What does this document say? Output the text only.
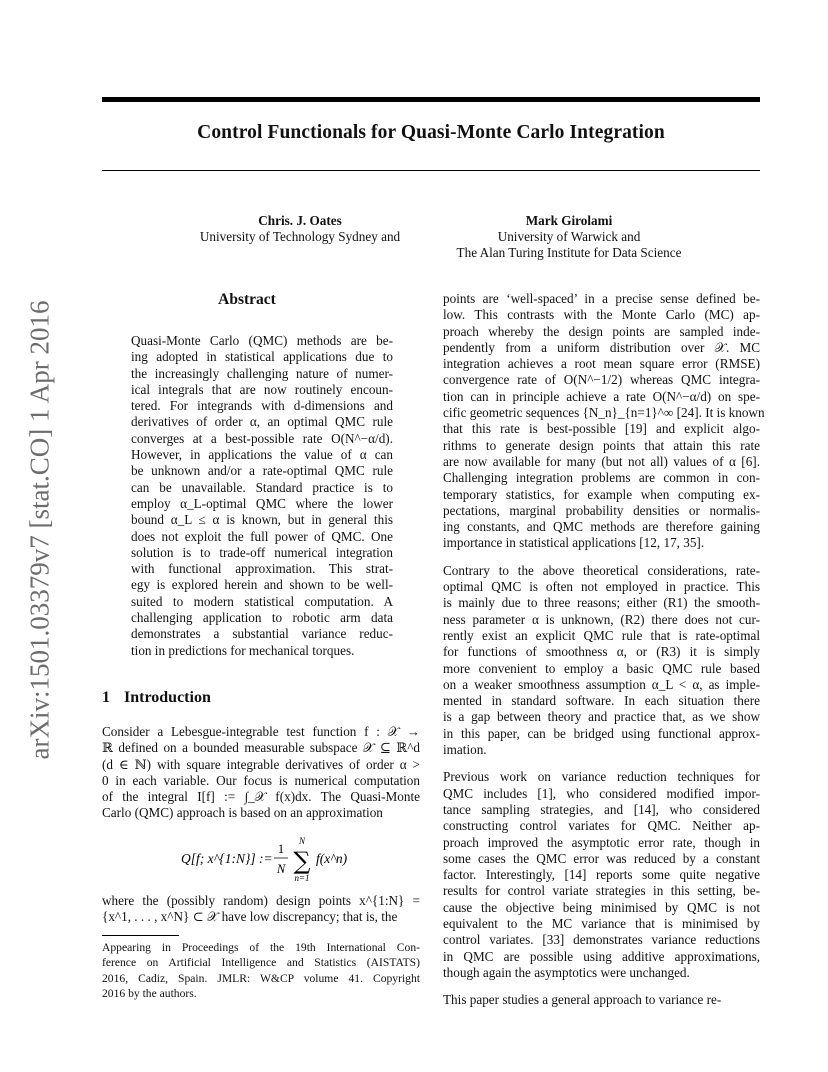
Control Functionals for Quasi-Monte Carlo Integration
arXiv:1501.03379v7 [stat.CO] 1 Apr 2016
Chris. J. Oates
University of Technology Sydney and
Mark Girolami
University of Warwick and
The Alan Turing Institute for Data Science
Abstract
Quasi-Monte Carlo (QMC) methods are be-
ing adopted in statistical applications due to
the increasingly challenging nature of numer-
ical integrals that are now routinely encoun-
tered. For integrands with d-dimensions and
derivatives of order α, an optimal QMC rule
converges at a best-possible rate O(N^−α/d).
However, in applications the value of α can
be unknown and/or a rate-optimal QMC rule
can be unavailable. Standard practice is to
employ α_L-optimal QMC where the lower
bound α_L ≤ α is known, but in general this
does not exploit the full power of QMC. One
solution is to trade-off numerical integration
with functional approximation. This strat-
egy is explored herein and shown to be well-
suited to modern statistical computation. A
challenging application to robotic arm data
demonstrates a substantial variance reduc-
tion in predictions for mechanical torques.
1 Introduction
Consider a Lebesgue-integrable test function f : 𝒳 →
ℝ defined on a bounded measurable subspace 𝒳 ⊆ ℝ^d
(d ∈ ℕ) with square integrable derivatives of order α >
0 in each variable. Our focus is numerical computation
of the integral I[f] := ∫_𝒳 f(x)dx. The Quasi-Monte
Carlo (QMC) approach is based on an approximation
Q[f; x^{1:N}] :=
1
N
N
∑
n=1
f(x^n)
where the (possibly random) design points x^{1:N} =
{x^1, . . . , x^N} ⊂ 𝒳 have low discrepancy; that is, the
Appearing in Proceedings of the 19th International Con-
ference on Artificial Intelligence and Statistics (AISTATS)
2016, Cadiz, Spain. JMLR: W&CP volume 41. Copyright
2016 by the authors.
points are ‘well-spaced’ in a precise sense defined be-
low. This contrasts with the Monte Carlo (MC) ap-
proach whereby the design points are sampled inde-
pendently from a uniform distribution over 𝒳. MC
integration achieves a root mean square error (RMSE)
convergence rate of O(N^−1/2) whereas QMC integra-
tion can in principle achieve a rate O(N^−α/d) on spe-
cific geometric sequences {N_n}_{n=1}^∞ [24]. It is known
that this rate is best-possible [19] and explicit algo-
rithms to generate design points that attain this rate
are now available for many (but not all) values of α [6].
Challenging integration problems are common in con-
temporary statistics, for example when computing ex-
pectations, marginal probability densities or normalis-
ing constants, and QMC methods are therefore gaining
importance in statistical applications [12, 17, 35].
Contrary to the above theoretical considerations, rate-
optimal QMC is often not employed in practice. This
is mainly due to three reasons; either (R1) the smooth-
ness parameter α is unknown, (R2) there does not cur-
rently exist an explicit QMC rule that is rate-optimal
for functions of smoothness α, or (R3) it is simply
more convenient to employ a basic QMC rule based
on a weaker smoothness assumption α_L < α, as imple-
mented in standard software. In each situation there
is a gap between theory and practice that, as we show
in this paper, can be bridged using functional approx-
imation.
Previous work on variance reduction techniques for
QMC includes [1], who considered modified impor-
tance sampling strategies, and [14], who considered
constructing control variates for QMC. Neither ap-
proach improved the asymptotic error rate, though in
some cases the QMC error was reduced by a constant
factor. Interestingly, [14] reports some quite negative
results for control variate strategies in this setting, be-
cause the objective being minimised by QMC is not
equivalent to the MC variance that is minimised by
control variates. [33] demonstrates variance reductions
in QMC are possible using additive approximations,
though again the asymptotics were unchanged.
This paper studies a general approach to variance re-
